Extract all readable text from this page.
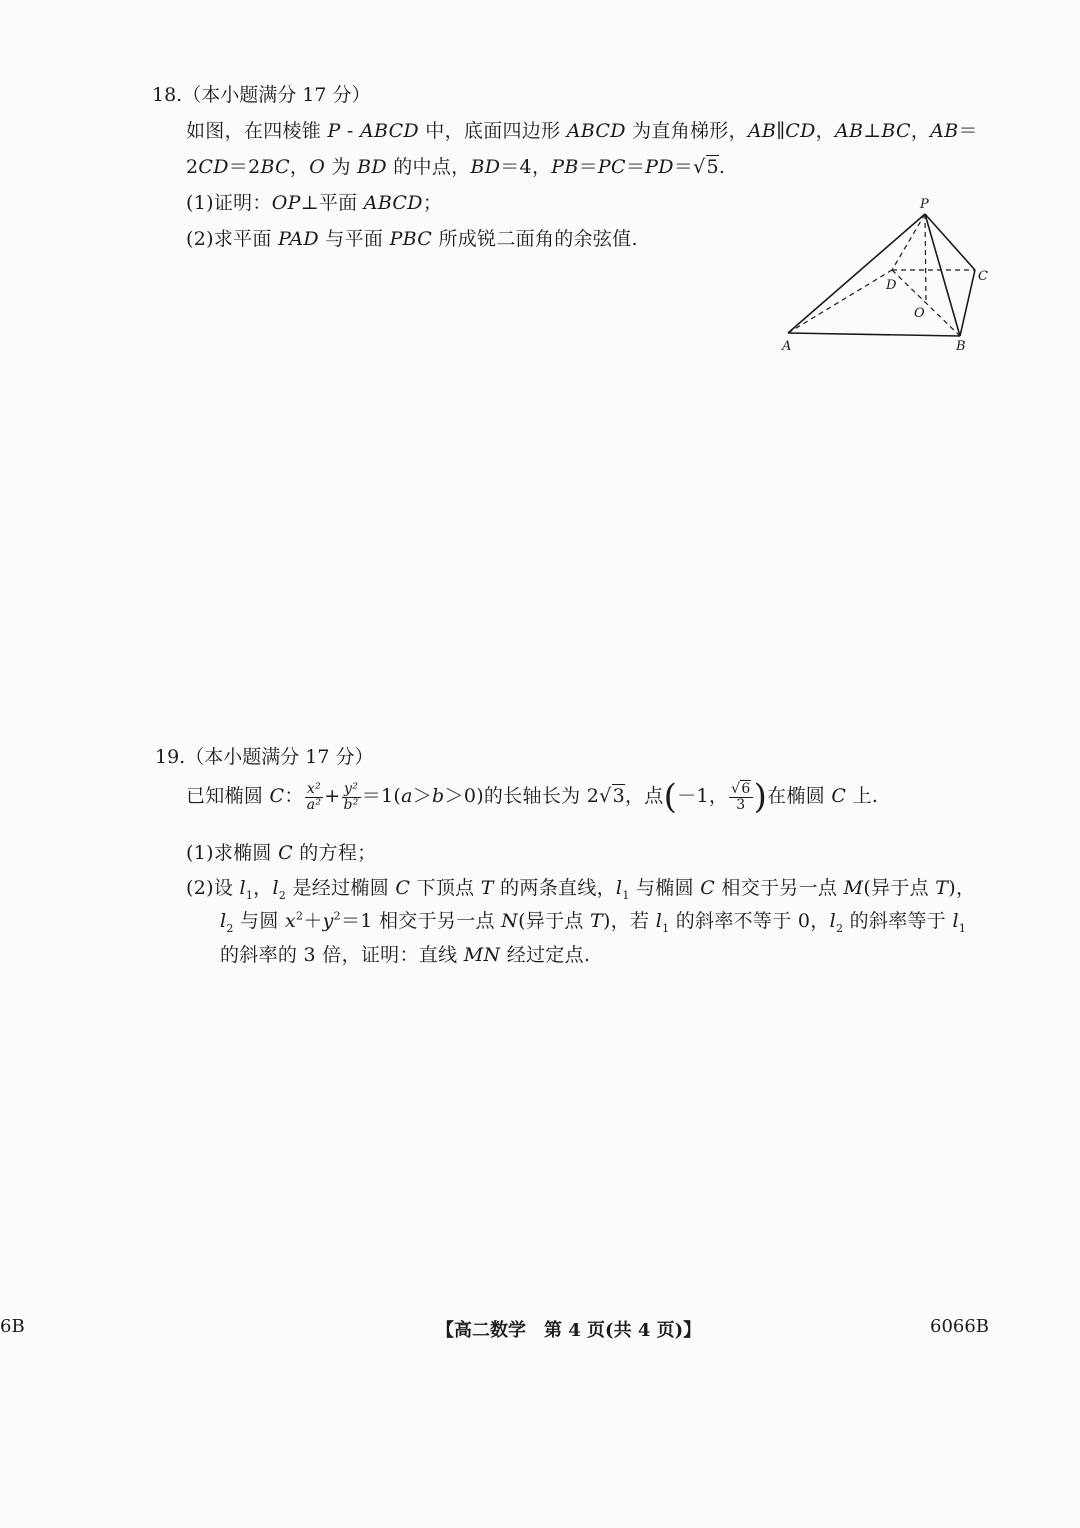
18.（本小题满分 17 分）
如图，在四棱锥 P - ABCD 中，底面四边形 ABCD 为直角梯形，AB∥CD，AB⊥BC，AB＝
2CD＝2BC，O 为 BD 的中点，BD＝4，PB＝PC＝PD＝√5.
(1)证明：OP⊥平面 ABCD；
(2)求平面 PAD 与平面 PBC 所成锐二面角的余弦值.
P
A	B
C
D
O
19.（本小题满分 17 分）
已知椭圆 C： $\frac{\text{x²}}{\text{a²}} + \frac{\text{y²}}{\text{b²}} =1(a>b>0)$的长轴长为 2√3，点(－1， $\frac{√6}{3}$ )在椭圆 C 上.
(1)求椭圆 C 的方程；
(2)设 $l_1$，$l_2$ 是经过椭圆 C 下顶点 T 的两条直线，$l_1$ 与椭圆 C 相交于另一点 M(异于点 T)，
$l_2$ 与圆 $x^2+y^2=1$ 相交于另一点 N(异于点 T)，若 $l_1$ 的斜率不等于 0，$l_2$ 的斜率等于 $l_1$
的斜率的 3 倍，证明：直线 MN 经过定点.
6B	【高二数学　第 4 页(共 4 页)】	6066B
